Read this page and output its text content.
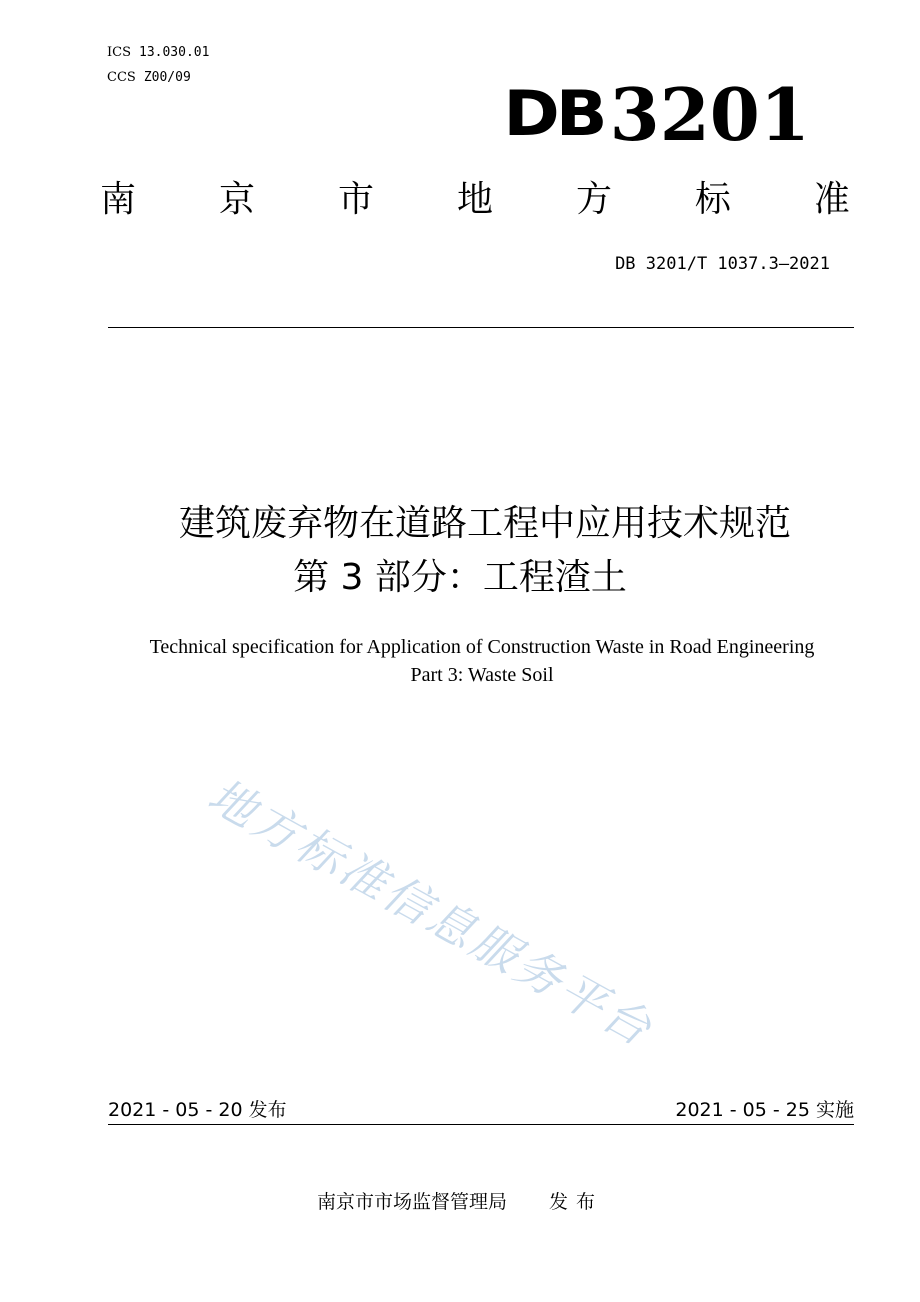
ICS 13.030.01
CCS Z00/09
DB3201
南 京 市 地 方 标 准
DB 3201/T 1037.3—2021
建筑废弃物在道路工程中应用技术规范
第 3 部分：工程渣土
Technical specification for Application of Construction Waste in Road Engineering
Part 3: Waste Soil
地方标准信息服务平台
2021 - 05 - 20 发布	2021 - 05 - 25 实施
南京市市场监督管理局 发布
